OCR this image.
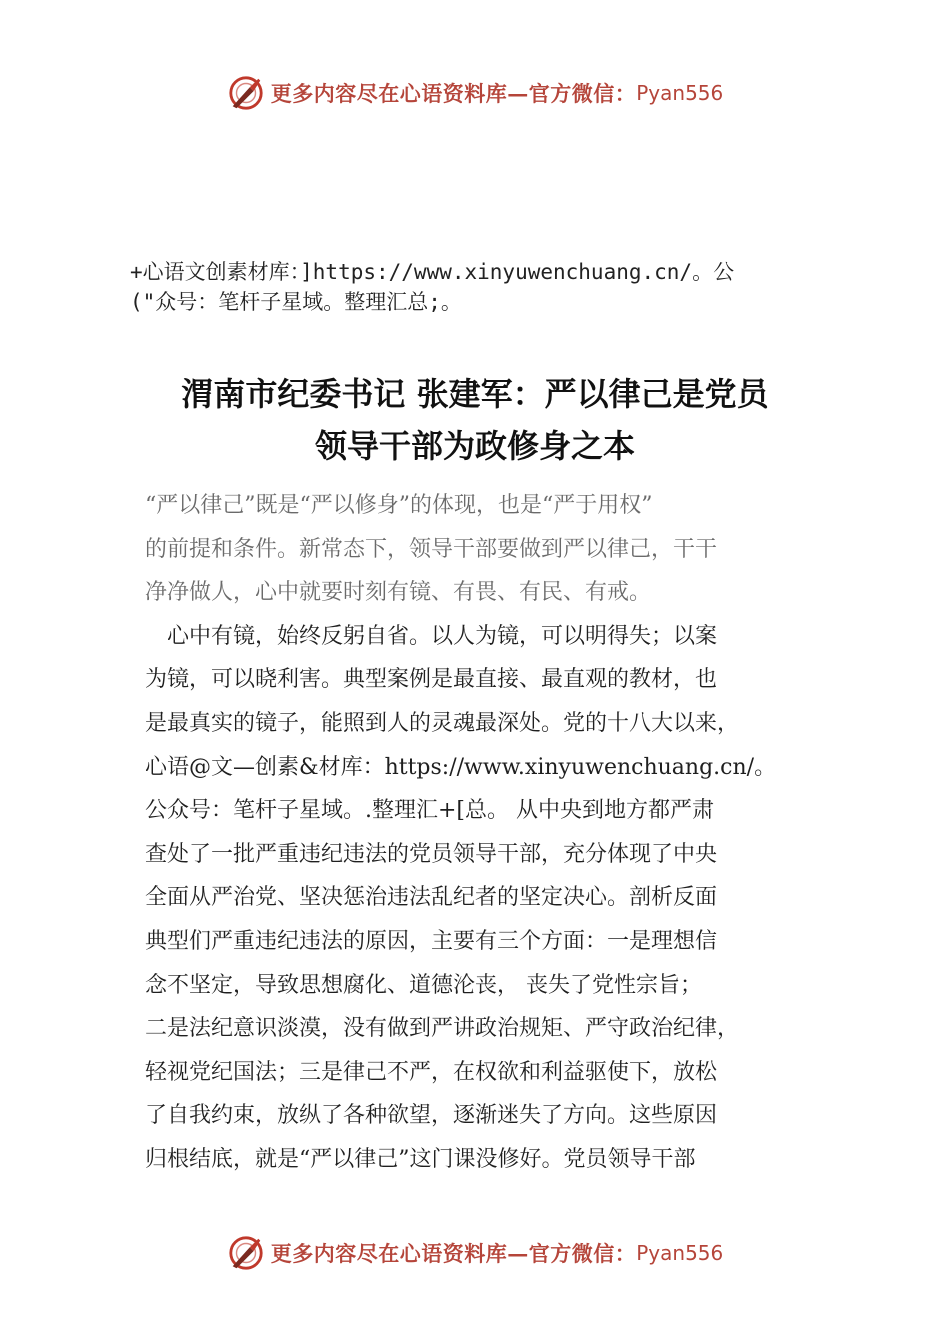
更多内容尽在心语资料库—官方微信： Pyan556

+心语文创素材库：]https://www.xinyuwenchuang.cn/。公

("众号：笔杆子星域。整理汇总;。

渭南市纪委书记 张建军：严以律己是党员

领导干部为政修身之本

“严以律己”既是“严以修身”的体现，也是“严于用权”

的前提和条件。新常态下，领导干部要做到严以律己，干干

净净做人，心中就要时刻有镜、有畏、有民、有戒。

　心中有镜，始终反躬自省。以人为镜，可以明得失；以案

为镜，可以晓利害。典型案例是最直接、最直观的教材，也

是最真实的镜子，能照到人的灵魂最深处。党的十八大以来，

心语@文—创素&材库：https://www.xinyuwenchuang.cn/。

公众号：笔杆子星域。.整理汇+[总。 从中央到地方都严肃

查处了一批严重违纪违法的党员领导干部，充分体现了中央

全面从严治党、坚决惩治违法乱纪者的坚定决心。剖析反面

典型们严重违纪违法的原因，主要有三个方面：一是理想信

念不坚定，导致思想腐化、道德沦丧， 丧失了党性宗旨；

二是法纪意识淡漠，没有做到严讲政治规矩、严守政治纪律，

轻视党纪国法；三是律己不严，在权欲和利益驱使下，放松

了自我约束，放纵了各种欲望，逐渐迷失了方向。这些原因

归根结底，就是“严以律己”这门课没修好。党员领导干部

更多内容尽在心语资料库—官方微信： Pyan556
